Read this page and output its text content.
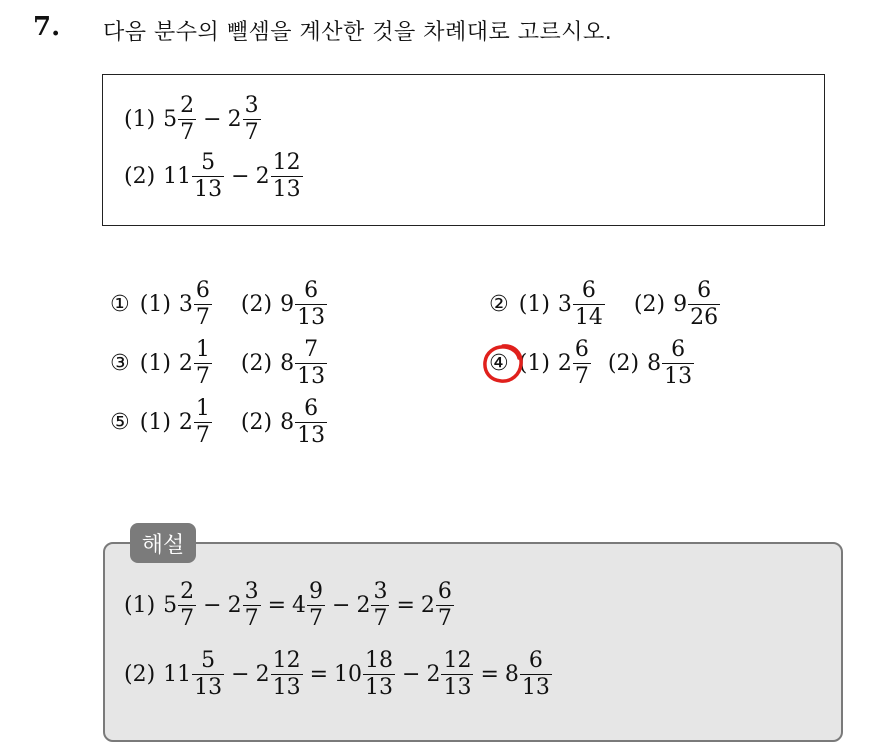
7. 다음 분수의 뺄셈을 계산한 것을 차례대로 고르시오.
(1) $5 \frac{2}{7} - 2 \frac{3}{7}$
(2) $11 \frac{5}{13} - 2 \frac{12}{13}$
① (1) $3 \frac{6}{7} (2)$ $9 \frac{6}{13}$	② (1) $3 \frac{6}{14} (2)$ $9 \frac{6}{26}$
③ (1) $2 \frac{1}{7} (2)$ $8 \frac{7}{13}$	④ (1) $2 \frac{6}{7} (2)$ $8 \frac{6}{13}$
⑤ (1) $2 \frac{1}{7} (2)$ $8 \frac{6}{13}$
해설
(1) $5 \frac{2}{7} - 2 \frac{3}{7} = 4 \frac{9}{7} - 2 \frac{3}{7} = 2 \frac{6}{7}$
(2) $11 \frac{5}{13} - 2 \frac{12}{13} = 10 \frac{18}{13} - 2 \frac{12}{13} = 8 \frac{6}{13}$
